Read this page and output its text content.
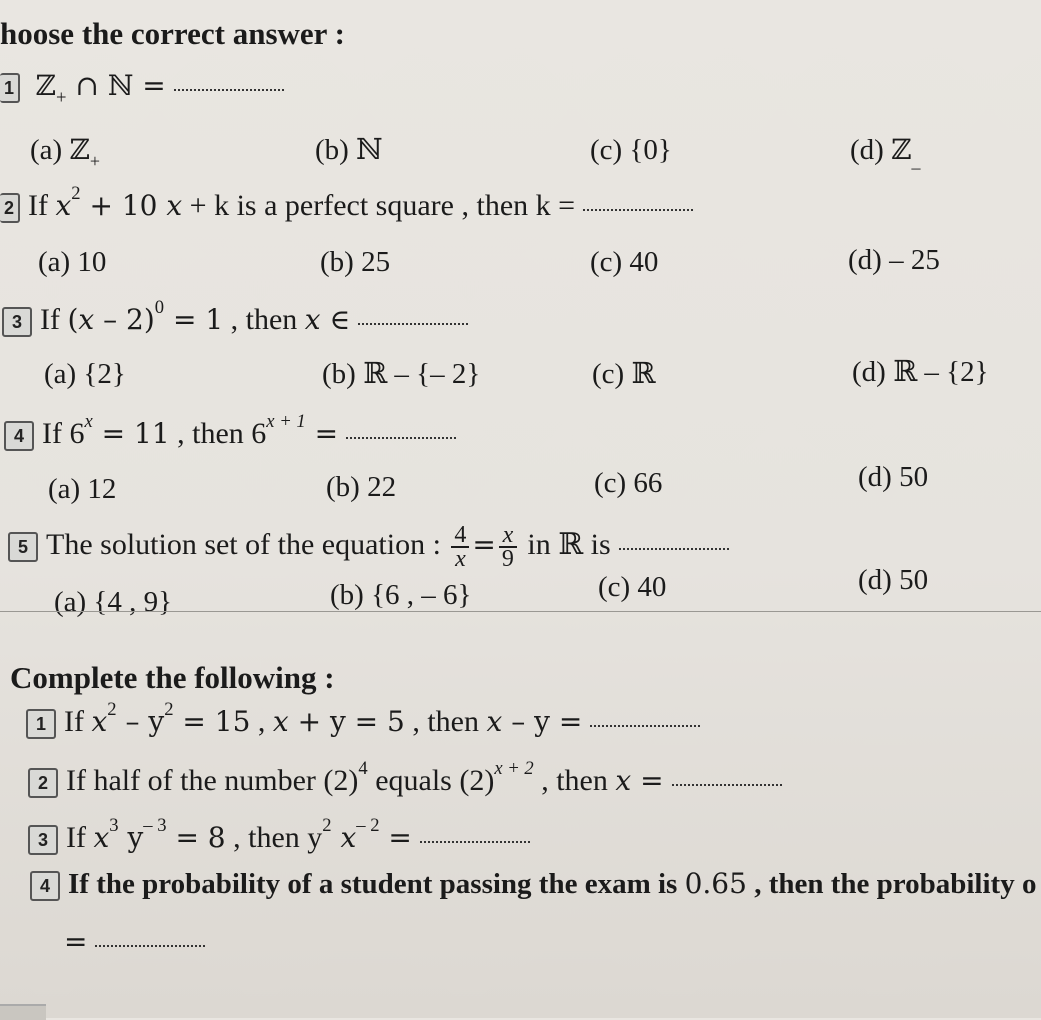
hoose the correct answer :
1 ℤ$_+$ ∩ ℕ =
(a) ℤ$_+$	(b) ℕ	(c) {0}	(d) ℤ$_{\_}$
2 If $x^2 + 10$ x + k is a perfect square , then k =
(a) 10	(b) 25	(c) 40	(d) – 25
3 If (x – 2)$^0$ = 1 , then x ∈
(a) {2}	(b) ℝ – {– 2}	(c) ℝ	(d) ℝ – {2}
4 If $6^x = 11$ , then $6^{x + 1}$ =
(a) 12	(b) 22	(c) 66	(d) 50
5 The solution set of the equation : $\frac{4}{x} = \frac{x}{9}$ in ℝ is
(a) {4 , 9}	(b) {6 , – 6}	(c) 40	(d) 50
Complete the following :
1 If $x^2 - y^2 = 15$ , x + y = 5 , then x – y =
2 If half of the number $(2)^4$ equals $(2)^{x + 2}$ , then x =
3 If $x^3$ $y^{- 3} = 8$ , then $y^2$ $x^{- 2}$ =
4 If the probability of a student passing the exam is 0.65 , then the probability o
=
